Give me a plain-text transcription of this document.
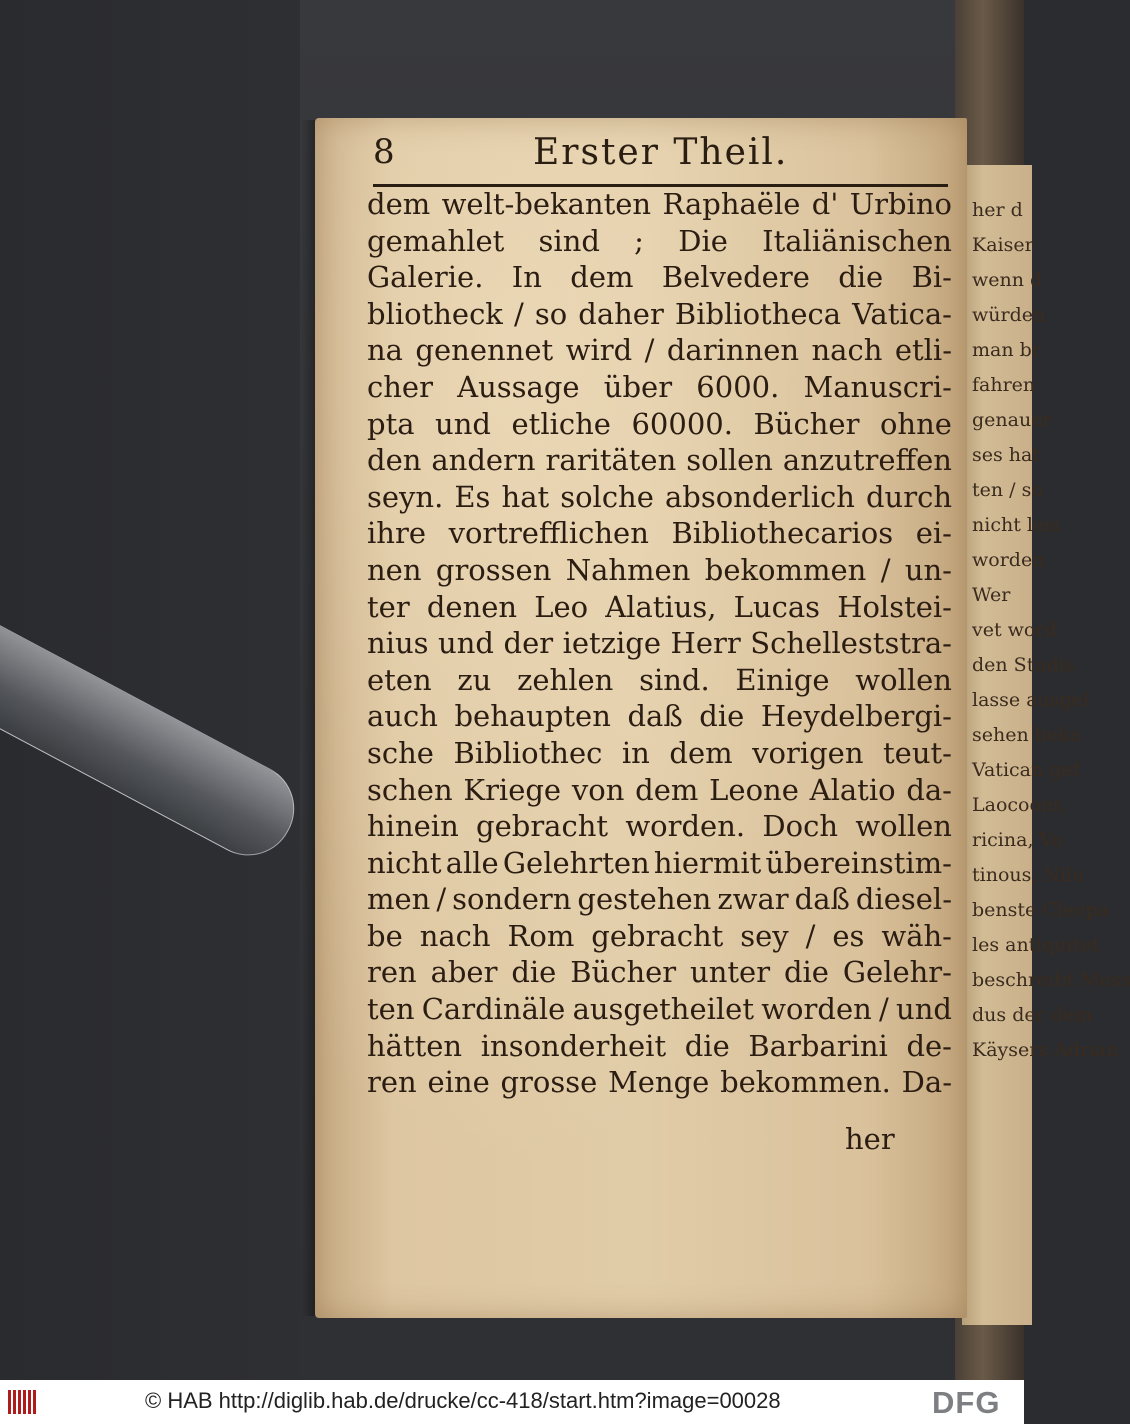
her d
Kaiser
wenn d
würden
man br
fahren
genauer
ses hat
ten / so
nicht leis
worden
Wer
vet word
den Studis
lasse ausgel
sehen beka
Vatican gef
Laocoons,
ricina, Vo
tinous, Nilu
benste Cleopa
les antiquitet
beschreibt Mess
dus der dem
Käysers Adrian
8	Erster Theil.
dem welt-bekanten Raphaële d' Urbino
gemahlet sind ; Die Italiänischen
Galerie. In dem Belvedere die Bi-
bliotheck / so daher Bibliotheca Vatica-
na genennet wird / darinnen nach etli-
cher Aussage über 6000. Manuscri-
pta und etliche 60000. Bücher ohne
den andern raritäten sollen anzutreffen
seyn. Es hat solche absonderlich durch
ihre vortrefflichen Bibliothecarios ei-
nen grossen Nahmen bekommen / un-
ter denen Leo Alatius, Lucas Holstei-
nius und der ietzige Herr Schelleststra-
eten zu zehlen sind. Einige wollen
auch behaupten daß die Heydelbergi-
sche Bibliothec in dem vorigen teut-
schen Kriege von dem Leone Alatio da-
hinein gebracht worden. Doch wollen
nicht alle Gelehrten hiermit übereinstim-
men / sondern gestehen zwar daß diesel-
be nach Rom gebracht sey / es wäh-
ren aber die Bücher unter die Gelehr-
ten Cardinäle ausgetheilet worden / und
hätten insonderheit die Barbarini de-
ren eine grosse Menge bekommen. Da-
her
© HAB http://diglib.hab.de/drucke/cc-418/start.htm?image=00028	DFG
